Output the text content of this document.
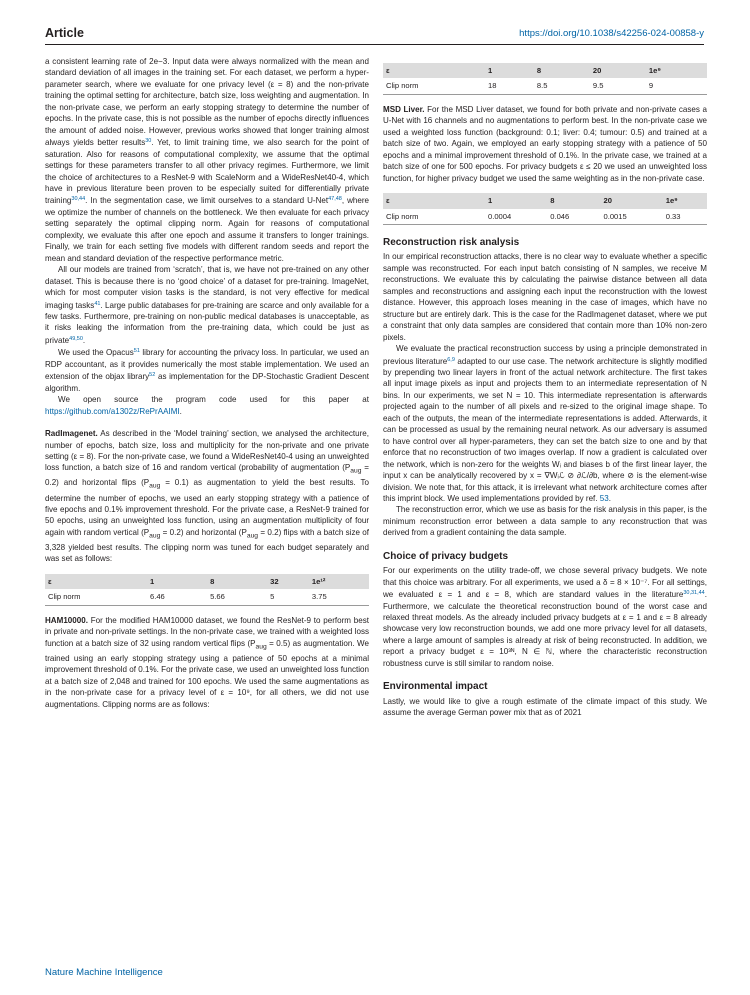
Article	https://doi.org/10.1038/s42256-024-00858-y

a consistent learning rate of 2e−3. Input data were always normalized with the mean and standard deviation of all images in the training set. For each dataset, we perform a hyper-parameter search, where we evaluate for one privacy level (ε = 8) and the non-private training the optimal setting for architecture, batch size, loss weighting and augmentation. In the non-private case, we perform an early stopping strategy to determine the number of epochs. In the private case, this is not possible as the number of epochs directly influences the amount of added noise. However, previous works showed that longer training almost always yields better results$^{30}$. Yet, to limit training time, we also search for the point of saturation. Also for reasons of computational complexity, we assume that the optimal settings for these parameters transfer to all other privacy regimes. Furthermore, we limit the choice of architectures to a ResNet-9 with ScaleNorm and a WideResNet40-4, which have in previous literature been proven to be especially suited for differentially private training$^{30,44}$. In the segmentation case, we limit ourselves to a standard U-Net$^{47,48}$, where we optimize the number of channels on the bottleneck. We then evaluate for each privacy setting separately the optimal clipping norm. Again for reasons of computational complexity, we evaluate this after one epoch and assume it transfers to longer trainings. Finally, we train for each setting five models with different random seeds and report the mean and standard deviation of the respective performance metric.

All our models are trained from ‘scratch’, that is, we have not pre-trained on any other dataset. This is because there is no ‘good choice’ of a dataset for pre-training. ImageNet, which for most computer vision tasks is the standard, is not very effective for medical imaging tasks$^{41}$. Large public databases for pre-training are scarce and only available for a few tasks. Furthermore, pre-training on non-public medical databases is unacceptable, as it risks leaking the information from the pre-training data, which could be just as private$^{49,50}$.

We used the Opacus$^{51}$ library for accounting the privacy loss. In particular, we used an RDP accountant, as it provides numerically the most stable implementation. We used an extension of the objax library$^{52}$ as implementation for the DP-Stochastic Gradient Descent algorithm.

We open source the program code used for this paper at https://github.com/a1302z/RePrAAIMI.

RadImagenet. As described in the ‘Model training’ section, we analysed the architecture, number of epochs, batch size, loss and multiplicity for the non-private and one private setting (ε = 8). For the non-private case, we found a WideResNet40-4 using an unweighted loss function, a batch size of 16 and random vertical (probability of augmentation $(P_{aug} = 0.2)$ and horizontal flips $(P_{aug} = 0.1)$ as augmentation to yield the best results. To determine the number of epochs, we used an early stopping strategy with a patience of five epochs and 0.1% improvement threshold. For the private case, a ResNet-9 trained for 50 epochs, using an unweighted loss function, using an augmentation multiplicity of four again with random vertical $(P_{aug} = 0.2)$ and horizontal $(P_{aug} = 0.2)$ flips with a batch size of 3,328 yielded best results. The clipping norm was tuned for each budget separately and was set as follows:

ε	1	8	32	1e¹²
Clip norm	6.46	5.66	5	3.75

HAM10000. For the modified HAM10000 dataset, we found the ResNet-9 to perform best in private and non-private settings. In the non-private case, we trained with a weighted loss function at a batch size of 32 using random vertical flips $(P_{aug} = 0.5)$ as augmentation. We trained using an early stopping strategy using a patience of 50 epochs at a minimal improvement threshold of 0.1%. For the private case, we used an unweighted loss function at a batch size of 2,048 and trained for 100 epochs. We used the same augmentations as in the non-private case for a privacy level of ε = 10⁹, for all others, we did not use augmentations. Clipping norms are as follows:

ε	1	8	20	1e⁹
Clip norm	18	8.5	9.5	9

MSD Liver. For the MSD Liver dataset, we found for both private and non-private cases a U-Net with 16 channels and no augmentations to perform best. In the non-private case we used a weighted loss function (background: 0.1; liver: 0.4; tumour: 0.5) and trained at a batch size of two. Again, we employed an early stopping strategy with a patience of 50 epochs and a minimal improvement threshold of 0.1%. In the private case, we trained at a batch size of one for 500 epochs. For privacy budgets ε ≤ 20 we used an unweighted loss function, for higher privacy budget we used the same weighting as in the non-private case.

ε	1	8	20	1e⁹
Clip norm	0.0004	0.046	0.0015	0.33
Reconstruction risk analysis

In our empirical reconstruction attacks, there is no clear way to evaluate whether a specific sample was reconstructed. For each input batch consisting of N samples, we receive M reconstructions. We evaluate this by calculating the pairwise distance between all data samples and reconstructions and assigning each input the reconstruction with the lowest distance. However, this approach loses meaning in the case of images, which have no structure but are entirely dark. This is the case for the RadImagenet dataset, where we put a constraint that only data samples are considered that contain more than 10% non-zero pixels.

We evaluate the practical reconstruction success by using a principle demonstrated in previous literature$^{6,9}$ adapted to our use case. The network architecture is slightly modified by prepending two linear layers in front of the actual network architecture. The first takes all input image pixels as input and projects them to an intermediate representation of N bins. In our experiments, we set N = 10. This intermediate representation is afterwards projected again to the number of all pixels and re-sized to the original image shape. To each of the outputs, the mean of the intermediate representations is added. Afterwards, it can be processed as usual by the remaining neural network. As our adversary is assumed to have control over all hyper-parameters, they can set the batch size to one and by that enforce that no reconstruction of two images overlap. If now a gradient is calculated over the network, which is non-zero for the weights Wᵢ and biases b of the first linear layer, the input x can be analytically recovered by x = ∇Wᵢℒ ⊘ ∂ℒ/∂b, where ⊘ is the element-wise division. We note that, for this attack, it is irrelevant what network architecture comes after this imprint block. We used implementations provided by ref. 53.

The reconstruction error, which we use as basis for the risk analysis in this paper, is the minimum reconstruction error between a data sample to any reconstruction that was derived from a gradient containing the data sample.

Choice of privacy budgets

For our experiments on the utility trade-off, we chose several privacy budgets. We note that this choice was arbitrary. For all experiments, we used a δ = 8 × 10⁻⁷. For all settings, we evaluated ε = 1 and ε = 8, which are standard values in the literature$^{30,31,44}$. Furthermore, we calculate the theoretical reconstruction bound of the worst case and relaxed threat models. As the already included privacy budgets at ε = 1 and ε = 8 already showcase very low reconstruction bounds, we add one more privacy level for all datasets, where a large amount of samples is already at risk of being reconstructed. In addition, we report a privacy budget ε = 10³ᴺ, N ∈ ℕ, where the characteristic reconstruction robustness curve is still similar to random noise.

Environmental impact

Lastly, we would like to give a rough estimate of the climate impact of this study. We assume the average German power mix that as of 2021

Nature Machine Intelligence
